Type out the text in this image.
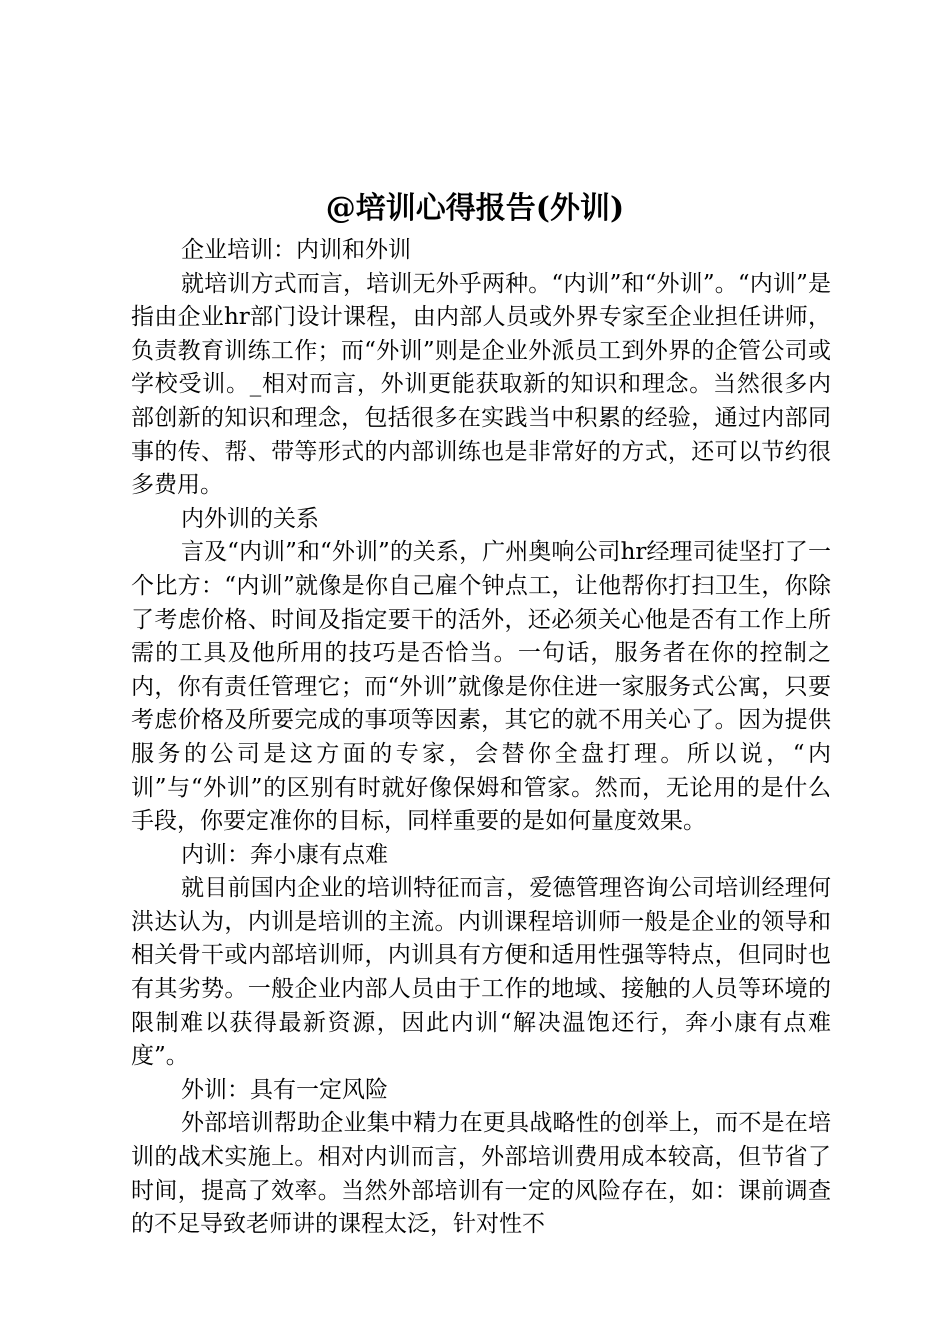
@培训心得报告(外训)

企业培训：内训和外训

就培训方式而言，培训无外乎两种。“内训”和“外训”。“内训”是指由企业hr部门设计课程，由内部人员或外界专家至企业担任讲师，负责教育训练工作；而“外训”则是企业外派员工到外界的企管公司或学校受训。_相对而言，外训更能获取新的知识和理念。当然很多内部创新的知识和理念，包括很多在实践当中积累的经验，通过内部同事的传、帮、带等形式的内部训练也是非常好的方式，还可以节约很多费用。

内外训的关系

言及“内训”和“外训”的关系，广州奥响公司hr经理司徒坚打了一个比方：“内训”就像是你自己雇个钟点工，让他帮你打扫卫生，你除了考虑价格、时间及指定要干的活外，还必须关心他是否有工作上所需的工具及他所用的技巧是否恰当。一句话，服务者在你的控制之内，你有责任管理它；而“外训”就像是你住进一家服务式公寓，只要考虑价格及所要完成的事项等因素，其它的就不用关心了。因为提供服务的公司是这方面的专家，会替你全盘打理。所以说，“内训”与“外训”的区别有时就好像保姆和管家。然而，无论用的是什么手段，你要定准你的目标，同样重要的是如何量度效果。

内训：奔小康有点难

就目前国内企业的培训特征而言，爱德管理咨询公司培训经理何洪达认为，内训是培训的主流。内训课程培训师一般是企业的领导和相关骨干或内部培训师，内训具有方便和适用性强等特点，但同时也有其劣势。一般企业内部人员由于工作的地域、接触的人员等环境的限制难以获得最新资源，因此内训“解决温饱还行，奔小康有点难度”。

外训：具有一定风险

外部培训帮助企业集中精力在更具战略性的创举上，而不是在培训的战术实施上。相对内训而言，外部培训费用成本较高，但节省了时间，提高了效率。当然外部培训有一定的风险存在，如：课前调查的不足导致老师讲的课程太泛，针对性不
